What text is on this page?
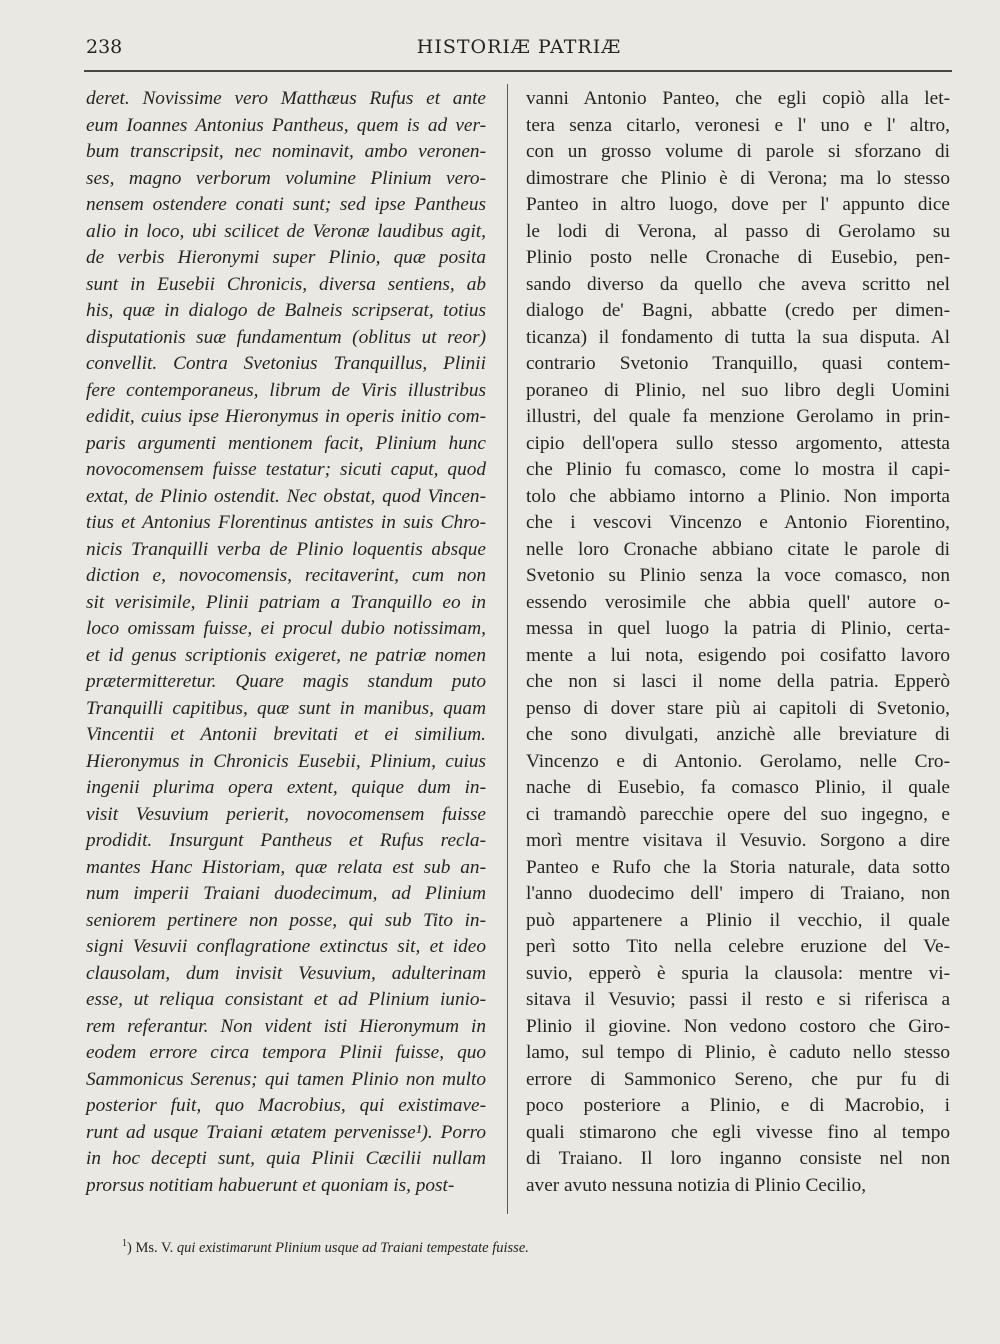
238	HISTORIÆ PATRIÆ
deret. Novissime vero Matthæus Rufus et ante
eum Ioannes Antonius Pantheus, quem is ad ver-
bum transcripsit, nec nominavit, ambo veronen-
ses, magno verborum volumine Plinium vero-
nensem ostendere conati sunt; sed ipse Pantheus
alio in loco, ubi scilicet de Veronæ laudibus agit,
de verbis Hieronymi super Plinio, quæ posita
sunt in Eusebii Chronicis, diversa sentiens, ab
his, quæ in dialogo de Balneis scripserat, totius
disputationis suæ fundamentum (oblitus ut reor)
convellit. Contra Svetonius Tranquillus, Plinii
fere contemporaneus, librum de Viris illustribus
edidit, cuius ipse Hieronymus in operis initio com-
paris argumenti mentionem facit, Plinium hunc
novocomensem fuisse testatur; sicuti caput, quod
extat, de Plinio ostendit. Nec obstat, quod Vincen-
tius et Antonius Florentinus antistes in suis Chro-
nicis Tranquilli verba de Plinio loquentis absque
diction e, novocomensis, recitaverint, cum non
sit verisimile, Plinii patriam a Tranquillo eo in
loco omissam fuisse, ei procul dubio notissimam,
et id genus scriptionis exigeret, ne patriæ nomen
prætermitteretur. Quare magis standum puto
Tranquilli capitibus, quæ sunt in manibus, quam
Vincentii et Antonii brevitati et ei similium.
Hieronymus in Chronicis Eusebii, Plinium, cuius
ingenii plurima opera extent, quique dum in-
visit Vesuvium perierit, novocomensem fuisse
prodidit. Insurgunt Pantheus et Rufus recla-
mantes Hanc Historiam, quæ relata est sub an-
num imperii Traiani duodecimum, ad Plinium
seniorem pertinere non posse, qui sub Tito in-
signi Vesuvii conflagratione extinctus sit, et ideo
clausolam, dum invisit Vesuvium, adulterinam
esse, ut reliqua consistant et ad Plinium iunio-
rem referantur. Non vident isti Hieronymum in
eodem errore circa tempora Plinii fuisse, quo
Sammonicus Serenus; qui tamen Plinio non multo
posterior fuit, quo Macrobius, qui existimave-
runt ad usque Traiani ætatem pervenisse¹). Porro
in hoc decepti sunt, quia Plinii Cæcilii nullam
prorsus notitiam habuerunt et quoniam is, post-
vanni Antonio Panteo, che egli copiò alla let-
tera senza citarlo, veronesi e l' uno e l' altro,
con un grosso volume di parole si sforzano di
dimostrare che Plinio è di Verona; ma lo stesso
Panteo in altro luogo, dove per l' appunto dice
le lodi di Verona, al passo di Gerolamo su
Plinio posto nelle Cronache di Eusebio, pen-
sando diverso da quello che aveva scritto nel
dialogo de' Bagni, abbatte (credo per dimen-
ticanza) il fondamento di tutta la sua disputa. Al
contrario Svetonio Tranquillo, quasi contem-
poraneo di Plinio, nel suo libro degli Uomini
illustri, del quale fa menzione Gerolamo in prin-
cipio dell'opera sullo stesso argomento, attesta
che Plinio fu comasco, come lo mostra il capi-
tolo che abbiamo intorno a Plinio. Non importa
che i vescovi Vincenzo e Antonio Fiorentino,
nelle loro Cronache abbiano citate le parole di
Svetonio su Plinio senza la voce comasco, non
essendo verosimile che abbia quell' autore o-
messa in quel luogo la patria di Plinio, certa-
mente a lui nota, esigendo poi cosifatto lavoro
che non si lasci il nome della patria. Epperò
penso di dover stare più ai capitoli di Svetonio,
che sono divulgati, anzichè alle breviature di
Vincenzo e di Antonio. Gerolamo, nelle Cro-
nache di Eusebio, fa comasco Plinio, il quale
ci tramandò parecchie opere del suo ingegno, e
morì mentre visitava il Vesuvio. Sorgono a dire
Panteo e Rufo che la Storia naturale, data sotto
l'anno duodecimo dell' impero di Traiano, non
può appartenere a Plinio il vecchio, il quale
perì sotto Tito nella celebre eruzione del Ve-
suvio, epperò è spuria la clausola: mentre vi-
sitava il Vesuvio; passi il resto e si riferisca a
Plinio il giovine. Non vedono costoro che Giro-
lamo, sul tempo di Plinio, è caduto nello stesso
errore di Sammonico Sereno, che pur fu di
poco posteriore a Plinio, e di Macrobio, i
quali stimarono che egli vivesse fino al tempo
di Traiano. Il loro inganno consiste nel non
aver avuto nessuna notizia di Plinio Cecilio,
$^1$) Ms. V. qui existimarunt Plinium usque ad Traiani tempestate fuisse.
